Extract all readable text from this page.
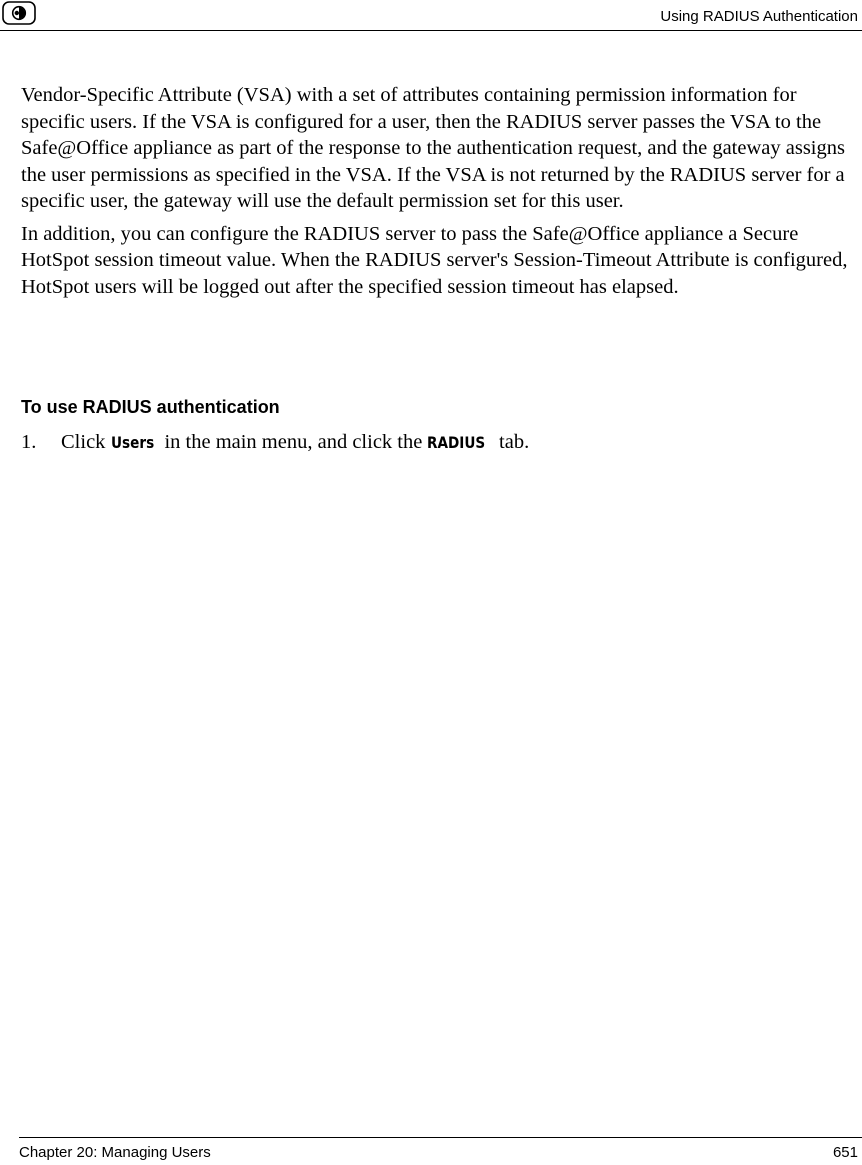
Using RADIUS Authentication

Vendor-Specific Attribute (VSA) with a set of attributes containing permission information for specific users. If the VSA is configured for a user, then the RADIUS server passes the VSA to the Safe@Office appliance as part of the response to the authentication request, and the gateway assigns the user permissions as specified in the VSA. If the VSA is not returned by the RADIUS server for a specific user, the gateway will use the default permission set for this user.

In addition, you can configure the RADIUS server to pass the Safe@Office appliance a Secure HotSpot session timeout value. When the RADIUS server's Session-Timeout Attribute is configured, HotSpot users will be logged out after the specified session timeout has elapsed.

To use RADIUS authentication
1. Click Users in the main menu, and click the RADIUS tab.
Chapter 20: Managing Users	651
